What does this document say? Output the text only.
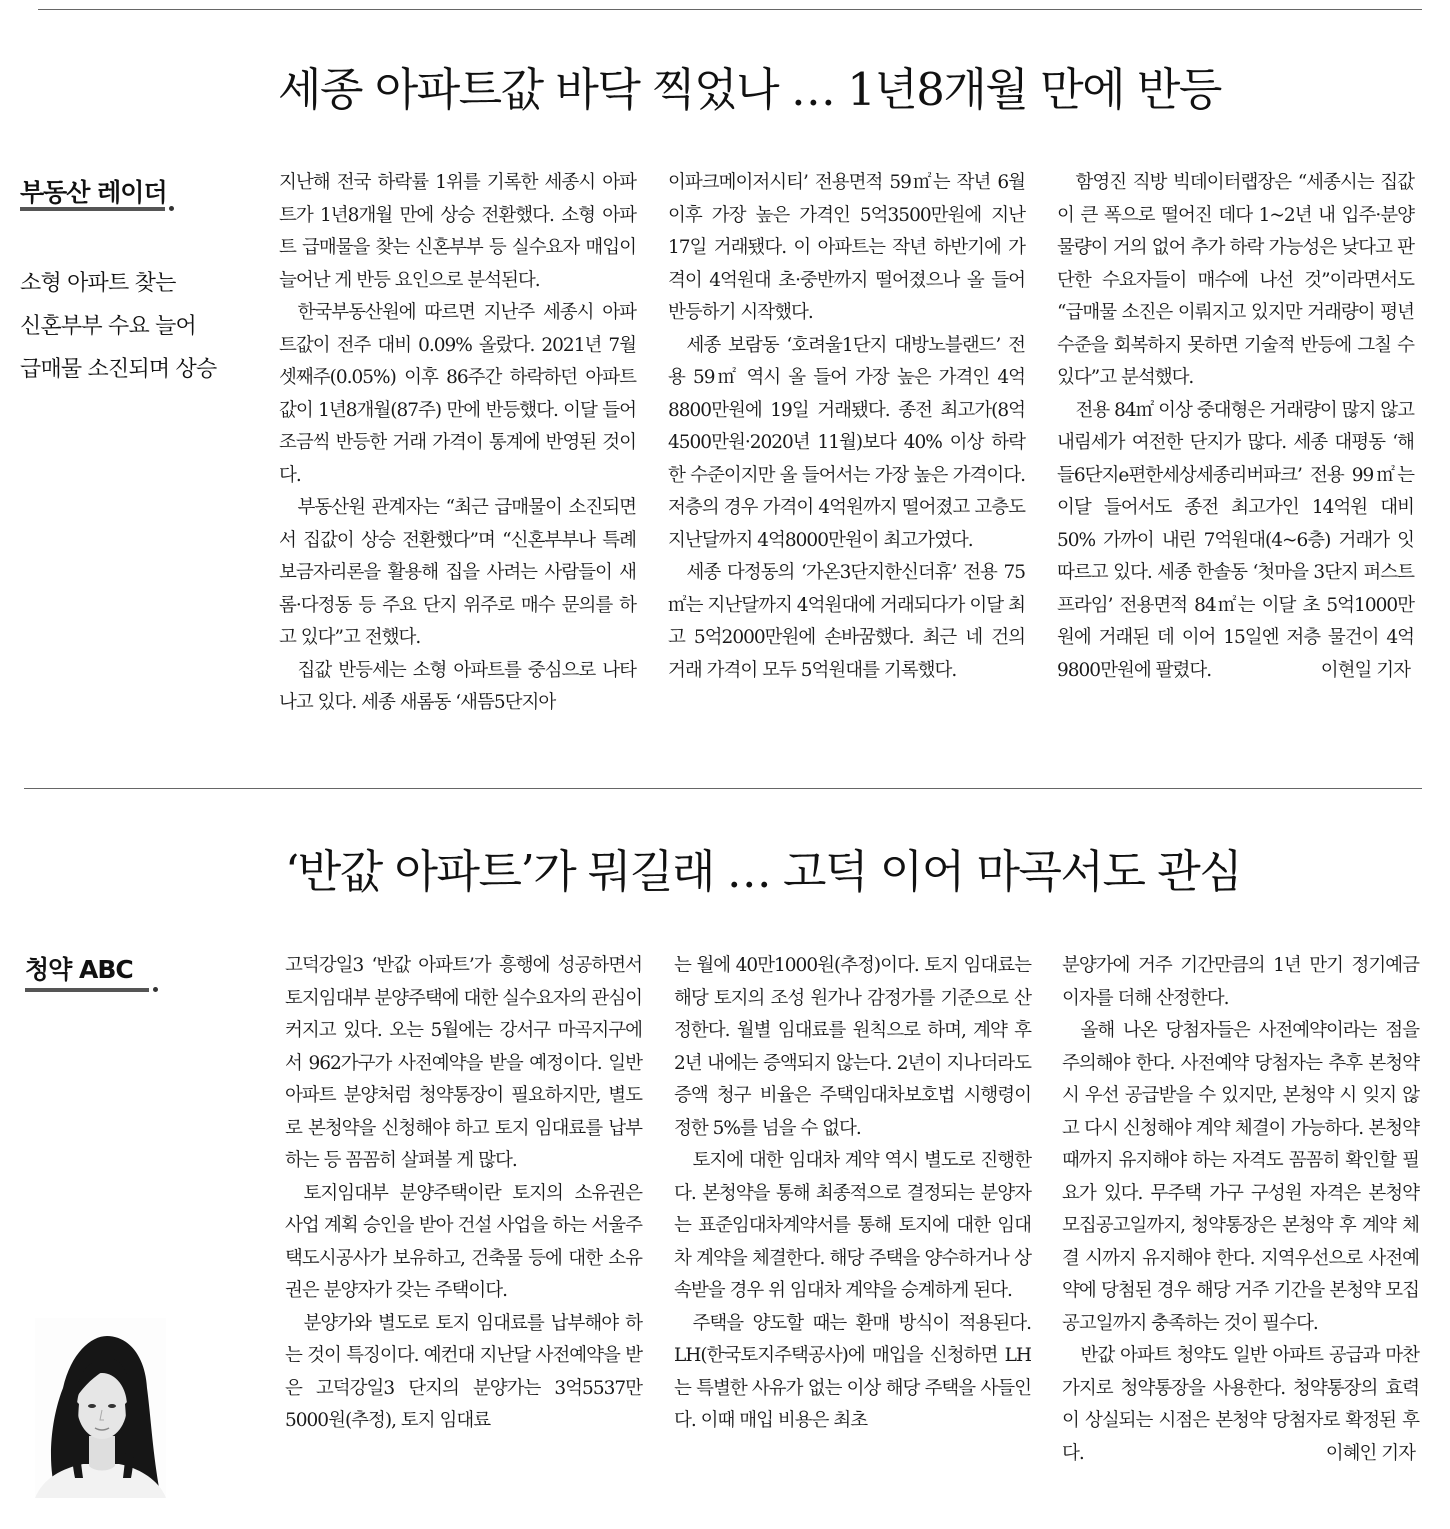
세종 아파트값 바닥 찍었나 … 1년8개월 만에 반등
부동산 레이더
소형 아파트 찾는
신혼부부 수요 늘어
급매물 소진되며 상승

지난해 전국 하락률 1위를 기록한 세종시 아파트가 1년8개월 만에 상승 전환했다. 소형 아파트 급매물을 찾는 신혼부부 등 실수요자 매입이 늘어난 게 반등 요인으로 분석된다.

한국부동산원에 따르면 지난주 세종시 아파트값이 전주 대비 0.09% 올랐다. 2021년 7월 셋째주(0.05%) 이후 86주간 하락하던 아파트값이 1년8개월(87주) 만에 반등했다. 이달 들어 조금씩 반등한 거래 가격이 통계에 반영된 것이다.

부동산원 관계자는 “최근 급매물이 소진되면서 집값이 상승 전환했다”며 “신혼부부나 특례보금자리론을 활용해 집을 사려는 사람들이 새롬·다정동 등 주요 단지 위주로 매수 문의를 하고 있다”고 전했다.

집값 반등세는 소형 아파트를 중심으로 나타나고 있다. 세종 새롬동 ‘새뜸5단지아

이파크메이저시티’ 전용면적 59㎡는 작년 6월 이후 가장 높은 가격인 5억3500만원에 지난 17일 거래됐다. 이 아파트는 작년 하반기에 가격이 4억원대 초·중반까지 떨어졌으나 올 들어 반등하기 시작했다.

세종 보람동 ‘호려울1단지 대방노블랜드’ 전용 59㎡ 역시 올 들어 가장 높은 가격인 4억8800만원에 19일 거래됐다. 종전 최고가(8억4500만원·2020년 11월)보다 40% 이상 하락한 수준이지만 올 들어서는 가장 높은 가격이다. 저층의 경우 가격이 4억원까지 떨어졌고 고층도 지난달까지 4억8000만원이 최고가였다.

세종 다정동의 ‘가온3단지한신더휴’ 전용 75㎡는 지난달까지 4억원대에 거래되다가 이달 최고 5억2000만원에 손바꿈했다. 최근 네 건의 거래 가격이 모두 5억원대를 기록했다.

함영진 직방 빅데이터랩장은 “세종시는 집값이 큰 폭으로 떨어진 데다 1~2년 내 입주·분양 물량이 거의 없어 추가 하락 가능성은 낮다고 판단한 수요자들이 매수에 나선 것”이라면서도 “급매물 소진은 이뤄지고 있지만 거래량이 평년 수준을 회복하지 못하면 기술적 반등에 그칠 수 있다”고 분석했다.

전용 84㎡ 이상 중대형은 거래량이 많지 않고 내림세가 여전한 단지가 많다. 세종 대평동 ‘해들6단지e편한세상세종리버파크’ 전용 99㎡는 이달 들어서도 종전 최고가인 14억원 대비 50% 가까이 내린 7억원대(4~6층) 거래가 잇따르고 있다. 세종 한솔동 ‘첫마을 3단지 퍼스트프라임’ 전용면적 84㎡는 이달 초 5억1000만원에 거래된 데 이어 15일엔 저층 물건이 4억9800만원에 팔렸다.	이현일 기자

‘반값 아파트’가 뭐길래 … 고덕 이어 마곡서도 관심
청약 ABC	고덕강일3 ‘반값 아파트’가 흥행에 성공하면서 토지임대부 분양주택에 대한 실수요자의 관심이 커지고 있다. 오는 5월에는 강서구 마곡지구에서 962가구가 사전예약을 받을 예정이다. 일반 아파트 분양처럼 청약통장이 필요하지만, 별도로 본청약을 신청해야 하고 토지 임대료를 납부하는 등 꼼꼼히 살펴볼 게 많다.

토지임대부 분양주택이란 토지의 소유권은 사업 계획 승인을 받아 건설 사업을 하는 서울주택도시공사가 보유하고, 건축물 등에 대한 소유권은 분양자가 갖는 주택이다.

분양가와 별도로 토지 임대료를 납부해야 하는 것이 특징이다. 예컨대 지난달 사전예약을 받은 고덕강일3 단지의 분양가는 3억5537만5000원(추정), 토지 임대료

는 월에 40만1000원(추정)이다. 토지 임대료는 해당 토지의 조성 원가나 감정가를 기준으로 산정한다. 월별 임대료를 원칙으로 하며, 계약 후 2년 내에는 증액되지 않는다. 2년이 지나더라도 증액 청구 비율은 주택임대차보호법 시행령이 정한 5%를 넘을 수 없다.

토지에 대한 임대차 계약 역시 별도로 진행한다. 본청약을 통해 최종적으로 결정되는 분양자는 표준임대차계약서를 통해 토지에 대한 임대차 계약을 체결한다. 해당 주택을 양수하거나 상속받을 경우 위 임대차 계약을 승계하게 된다.

주택을 양도할 때는 환매 방식이 적용된다. LH(한국토지주택공사)에 매입을 신청하면 LH는 특별한 사유가 없는 이상 해당 주택을 사들인다. 이때 매입 비용은 최초

분양가에 거주 기간만큼의 1년 만기 정기예금 이자를 더해 산정한다.

올해 나온 당첨자들은 사전예약이라는 점을 주의해야 한다. 사전예약 당첨자는 추후 본청약 시 우선 공급받을 수 있지만, 본청약 시 잊지 않고 다시 신청해야 계약 체결이 가능하다. 본청약 때까지 유지해야 하는 자격도 꼼꼼히 확인할 필요가 있다. 무주택 가구 구성원 자격은 본청약 모집공고일까지, 청약통장은 본청약 후 계약 체결 시까지 유지해야 한다. 지역우선으로 사전예약에 당첨된 경우 해당 거주 기간을 본청약 모집공고일까지 충족하는 것이 필수다.

반값 아파트 청약도 일반 아파트 공급과 마찬가지로 청약통장을 사용한다. 청약통장의 효력이 상실되는 시점은 본청약 당첨자로 확정된 후다.	이혜인 기자
